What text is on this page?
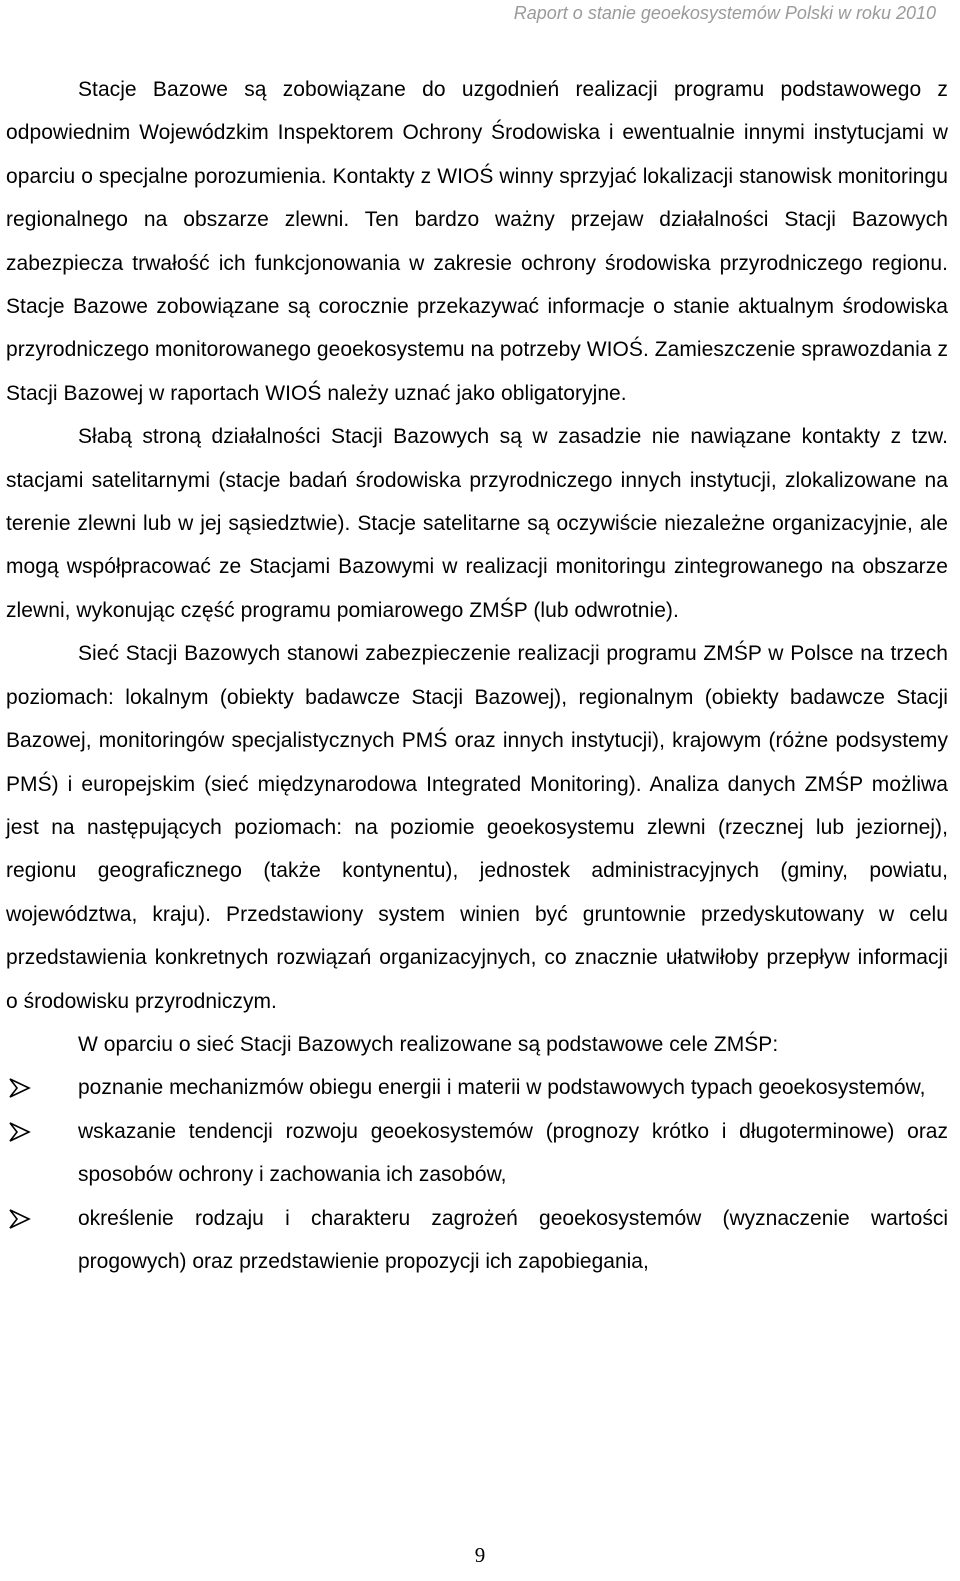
Raport o stanie geoekosystemów Polski w roku 2010

Stacje Bazowe są zobowiązane do uzgodnień realizacji programu podstawowego z odpowiednim Wojewódzkim Inspektorem Ochrony Środowiska i ewentualnie innymi instytucjami w oparciu o specjalne porozumienia. Kontakty z WIOŚ winny sprzyjać lokalizacji stanowisk monitoringu regionalnego na obszarze zlewni. Ten bardzo ważny przejaw działalności Stacji Bazowych zabezpiecza trwałość ich funkcjonowania w zakresie ochrony środowiska przyrodniczego regionu. Stacje Bazowe zobowiązane są corocznie przekazywać informacje o stanie aktualnym środowiska przyrodniczego monitorowanego geoekosystemu na potrzeby WIOŚ. Zamieszczenie sprawozdania z Stacji Bazowej w raportach WIOŚ należy uznać jako obligatoryjne.

Słabą stroną działalności Stacji Bazowych są w zasadzie nie nawiązane kontakty z tzw. stacjami satelitarnymi (stacje badań środowiska przyrodniczego innych instytucji, zlokalizowane na terenie zlewni lub w jej sąsiedztwie). Stacje satelitarne są oczywiście niezależne organizacyjnie, ale mogą współpracować ze Stacjami Bazowymi w realizacji monitoringu zintegrowanego na obszarze zlewni, wykonując część programu pomiarowego ZMŚP (lub odwrotnie).

Sieć Stacji Bazowych stanowi zabezpieczenie realizacji programu ZMŚP w Polsce na trzech poziomach: lokalnym (obiekty badawcze Stacji Bazowej), regionalnym (obiekty badawcze Stacji Bazowej, monitoringów specjalistycznych PMŚ oraz innych instytucji), krajowym (różne podsystemy PMŚ) i europejskim (sieć międzynarodowa Integrated Monitoring). Analiza danych ZMŚP możliwa jest na następujących poziomach: na poziomie geoekosystemu zlewni (rzecznej lub jeziornej), regionu geograficznego (także kontynentu), jednostek administracyjnych (gminy, powiatu, województwa, kraju). Przedstawiony system winien być gruntownie przedyskutowany w celu przedstawienia konkretnych rozwiązań organizacyjnych, co znacznie ułatwiłoby przepływ informacji o środowisku przyrodniczym.

W oparciu o sieć Stacji Bazowych realizowane są podstawowe cele ZMŚP:

poznanie mechanizmów obiegu energii i materii w podstawowych typach geoekosystemów,
wskazanie tendencji rozwoju geoekosystemów (prognozy krótko i długoterminowe) oraz sposobów ochrony i zachowania ich zasobów,
określenie rodzaju i charakteru zagrożeń geoekosystemów (wyznaczenie wartości progowych) oraz przedstawienie propozycji ich zapobiegania,
9
